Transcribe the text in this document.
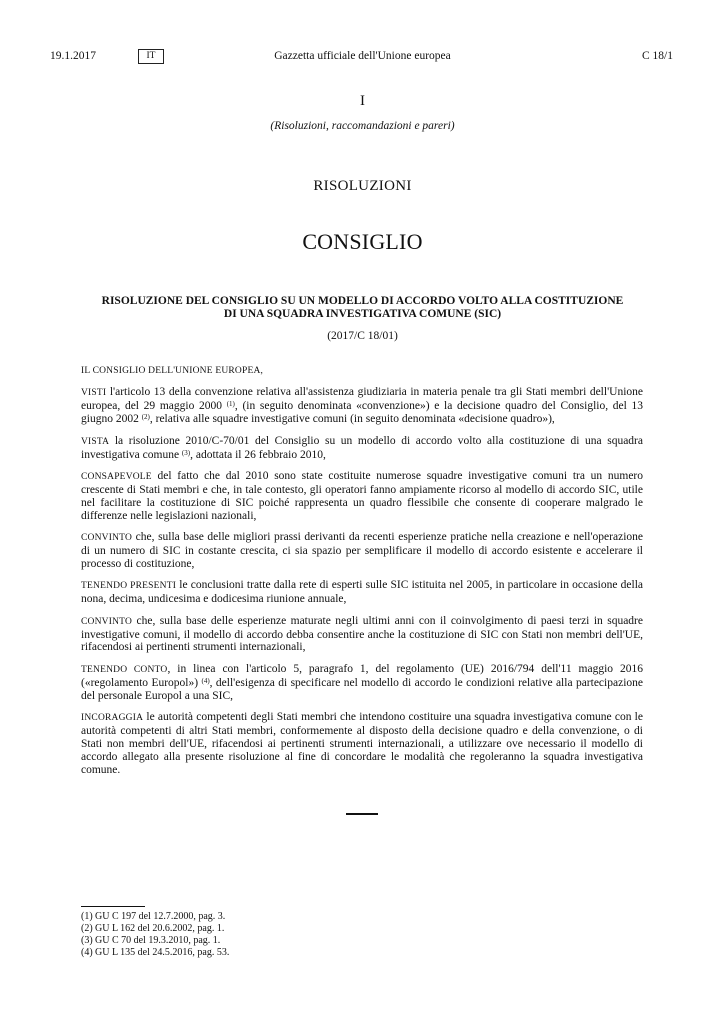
19.1.2017	IT	Gazzetta ufficiale dell'Unione europea	C 18/1
I
(Risoluzioni, raccomandazioni e pareri)
RISOLUZIONI
CONSIGLIO
RISOLUZIONE DEL CONSIGLIO SU UN MODELLO DI ACCORDO VOLTO ALLA COSTITUZIONE
DI UNA SQUADRA INVESTIGATIVA COMUNE (SIC)
(2017/C 18/01)

IL CONSIGLIO DELL'UNIONE EUROPEA,

VISTI l'articolo 13 della convenzione relativa all'assistenza giudiziaria in materia penale tra gli Stati membri dell'Unione europea, del 29 maggio 2000 $^{(1)}$, (in seguito denominata «convenzione») e la decisione quadro del Consiglio, del 13 giugno 2002 $^{(2)}$, relativa alle squadre investigative comuni (in seguito denominata «decisione quadro»),

VISTA la risoluzione 2010/C-70/01 del Consiglio su un modello di accordo volto alla costituzione di una squadra investigativa comune $^{(3)}$, adottata il 26 febbraio 2010,

CONSAPEVOLE del fatto che dal 2010 sono state costituite numerose squadre investigative comuni tra un numero crescente di Stati membri e che, in tale contesto, gli operatori fanno ampiamente ricorso al modello di accordo SIC, utile nel facilitare la costituzione di SIC poiché rappresenta un quadro flessibile che consente di cooperare malgrado le differenze nelle legislazioni nazionali,

CONVINTO che, sulla base delle migliori prassi derivanti da recenti esperienze pratiche nella creazione e nell'operazione di un numero di SIC in costante crescita, ci sia spazio per semplificare il modello di accordo esistente e accelerare il processo di costituzione,

TENENDO PRESENTI le conclusioni tratte dalla rete di esperti sulle SIC istituita nel 2005, in particolare in occasione della nona, decima, undicesima e dodicesima riunione annuale,

CONVINTO che, sulla base delle esperienze maturate negli ultimi anni con il coinvolgimento di paesi terzi in squadre investigative comuni, il modello di accordo debba consentire anche la costituzione di SIC con Stati non membri dell'UE, rifacendosi ai pertinenti strumenti internazionali,

TENENDO CONTO, in linea con l'articolo 5, paragrafo 1, del regolamento (UE) 2016/794 dell'11 maggio 2016 («regolamento Europol») $^{(4)}$, dell'esigenza di specificare nel modello di accordo le condizioni relative alla partecipazione del personale Europol a una SIC,

INCORAGGIA le autorità competenti degli Stati membri che intendono costituire una squadra investigativa comune con le autorità competenti di altri Stati membri, conformemente al disposto della decisione quadro e della convenzione, o di Stati non membri dell'UE, rifacendosi ai pertinenti strumenti internazionali, a utilizzare ove necessario il modello di accordo allegato alla presente risoluzione al fine di concordare le modalità che regoleranno la squadra investigativa comune.

(1) GU C 197 del 12.7.2000, pag. 3.
(2) GU L 162 del 20.6.2002, pag. 1.
(3) GU C 70 del 19.3.2010, pag. 1.
(4) GU L 135 del 24.5.2016, pag. 53.
